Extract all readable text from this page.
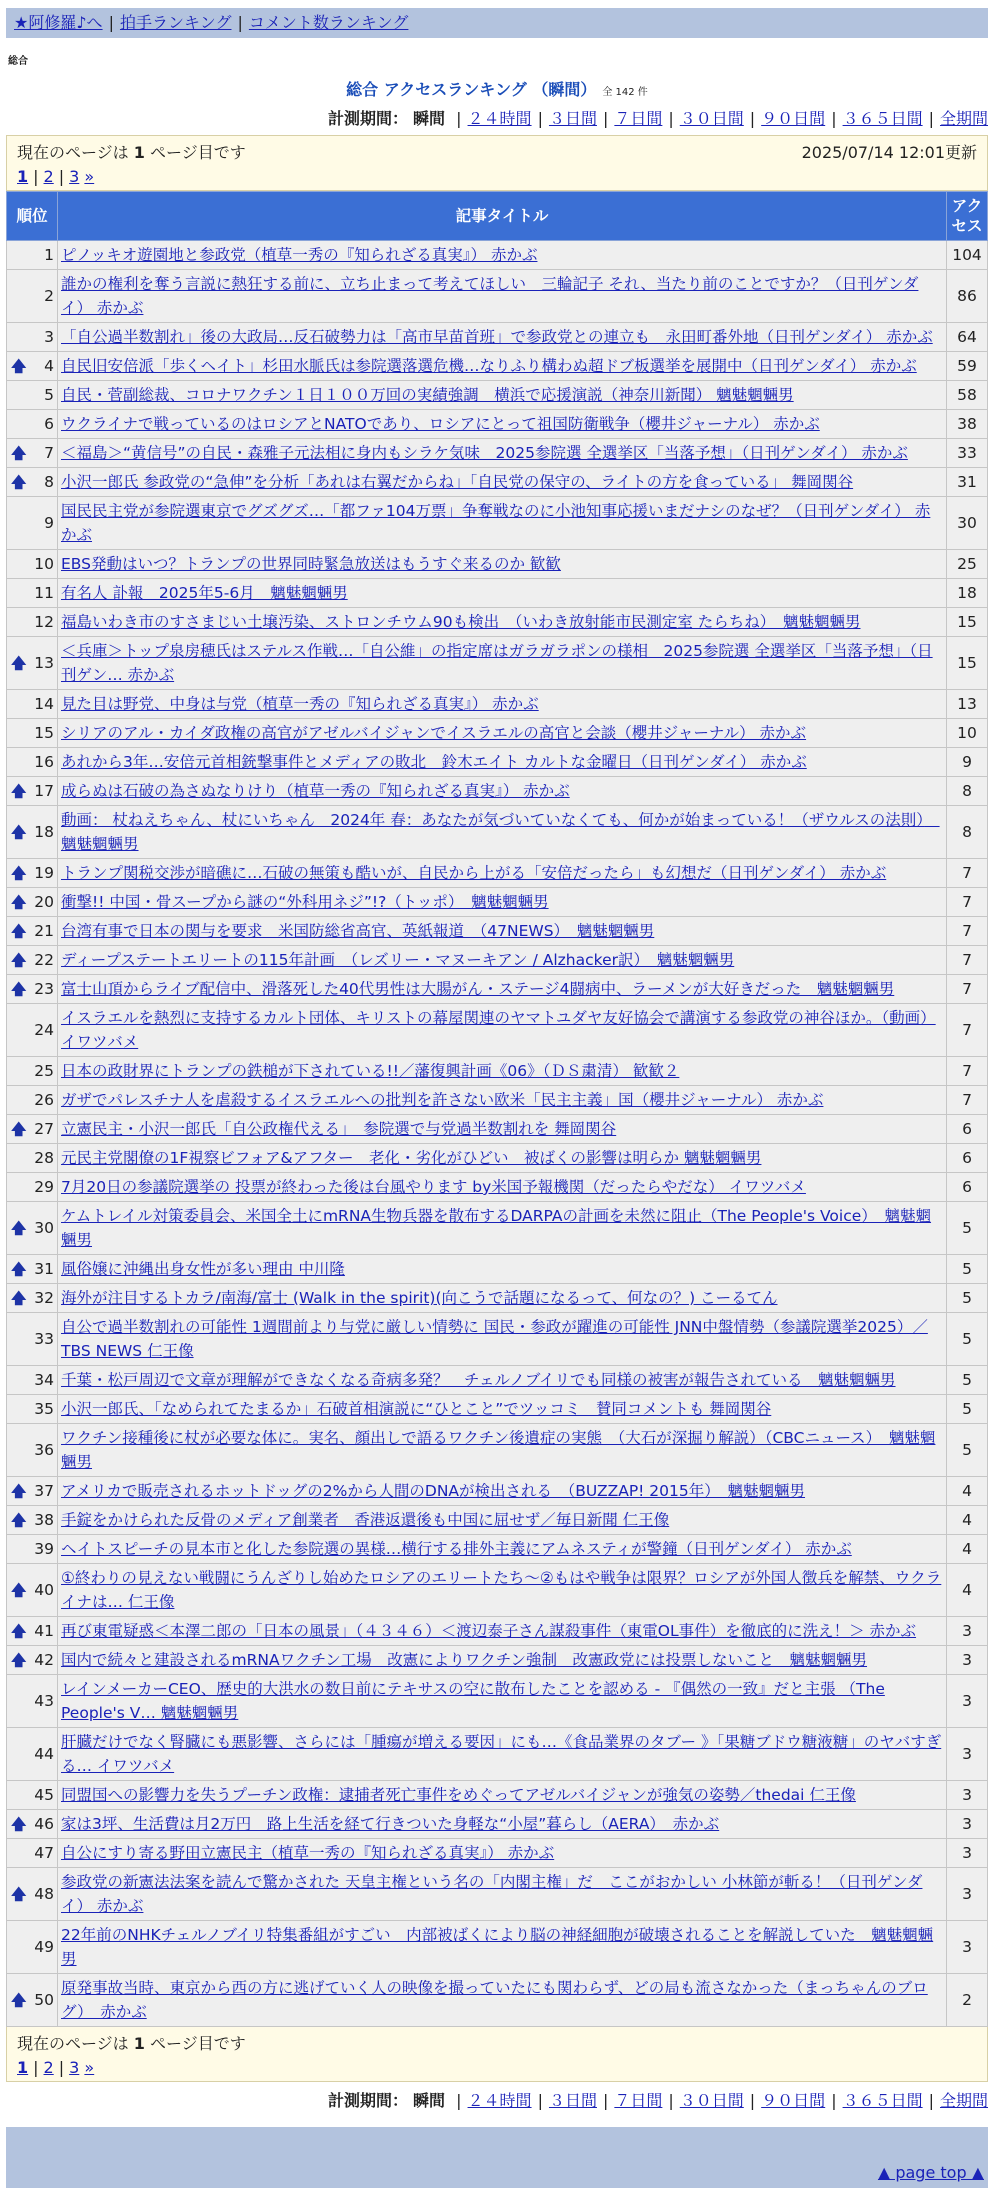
★阿修羅♪へ | 拍手ランキング | コメント数ランキング
総合
総合 アクセスランキング （瞬間） 全 142 件
計測期間： 瞬間 | ２４時間 | ３日間 | ７日間 | ３０日間 | ９０日間 | ３６５日間 | 全期間
現在のページは 1 ページ目です	2025/07/14 12:01更新
1 | 2 | 3 »
順位	記事タイトル	アクセス
1	ピノッキオ遊園地と参政党（植草一秀の『知られざる真実』） 赤かぶ	104
2	誰かの権利を奪う言説に熱狂する前に、立ち止まって考えてほしい　三輪記子 それ、当たり前のことですか？（日刊ゲンダイ） 赤かぶ	86
3	「自公過半数割れ」後の大政局…反石破勢力は「高市早苗首班」で参政党との連立も　永田町番外地（日刊ゲンダイ） 赤かぶ	64

🡅 4	自民旧安倍派「歩くヘイト」杉田水脈氏は参院選落選危機…なりふり構わぬ超ドブ板選挙を展開中（日刊ゲンダイ） 赤かぶ	59
5	自民・菅副総裁、コロナワクチン１日１００万回の実績強調　横浜で応援演説（神奈川新聞） 魑魅魍魎男	58
6	ウクライナで戦っているのはロシアとNATOであり、ロシアにとって祖国防衛戦争（櫻井ジャーナル） 赤かぶ	38

🡅 7	＜福島＞“黄信号”の自民・森雅子元法相に身内もシラケ気味　2025参院選 全選挙区「当落予想」（日刊ゲンダイ） 赤かぶ	33

🡅 8	小沢一郎氏 参政党の“急伸”を分析「あれは右翼だからね」「自民党の保守の、ライトの方を食っている」 舞岡関谷	31
9	国民民主党が参院選東京でグズグズ…「都ファ104万票」争奪戦なのに小池知事応援いまだナシのなぜ？（日刊ゲンダイ） 赤かぶ	30
10	EBS発動はいつ？トランプの世界同時緊急放送はもうすぐ来るのか 歓歓	25
11	有名人 訃報　2025年5-6月　魑魅魍魎男	18
12	福島いわき市のすさまじい土壌汚染、ストロンチウム90も検出　（いわき放射能市民測定室 たらちね）　魑魅魍魎男	15

🡅 13	＜兵庫＞トップ泉房穂氏はステルス作戦…「自公維」の指定席はガラガラポンの様相　2025参院選 全選挙区「当落予想」（日刊ゲン… 赤かぶ	15
14	見た目は野党、中身は与党（植草一秀の『知られざる真実』） 赤かぶ	13
15	シリアのアル・カイダ政権の高官がアゼルバイジャンでイスラエルの高官と会談（櫻井ジャーナル） 赤かぶ	10
16	あれから3年…安倍元首相銃撃事件とメディアの敗北　鈴木エイト カルトな金曜日（日刊ゲンダイ） 赤かぶ	9

🡅 17	成らぬは石破の為さぬなりけり（植草一秀の『知られざる真実』） 赤かぶ	8

🡅 18	動画： 杖ねえちゃん、杖にいちゃん　2024年 春：あなたが気づいていなくても、何かが始まっている！（ザウルスの法則）　魑魅魍魎男	8

🡅 19	トランプ関税交渉が暗礁に…石破の無策も酷いが、自民から上がる「安倍だったら」も幻想だ（日刊ゲンダイ） 赤かぶ	7

🡅 20	衝撃!! 中国・骨スープから謎の“外科用ネジ”!?（トッポ）　魑魅魍魎男	7

🡅 21	台湾有事で日本の関与を要求　米国防総省高官、英紙報道　（47NEWS）　魑魅魍魎男	7

🡅 22	ディープステートエリートの115年計画　（レズリー・マヌーキアン / Alzhacker訳）　魑魅魍魎男	7

🡅 23	富士山頂からライブ配信中、滑落死した40代男性は大腸がん・ステージ4闘病中、ラーメンが大好きだった　魑魅魍魎男	7
24	イスラエルを熱烈に支持するカルト団体、キリストの幕屋関連のヤマトユダヤ友好協会で講演する参政党の神谷ほか。（動画） イワツバメ	7
25	日本の政財界にトランプの鉄槌が下されている!!／藩復興計画《06》（ＤＳ粛清） 歓歓２	7
26	ガザでパレスチナ人を虐殺するイスラエルへの批判を許さない欧米「民主主義」国（櫻井ジャーナル） 赤かぶ	7

🡅 27	立憲民主・小沢一郎氏「自公政権代える」　参院選で与党過半数割れを 舞岡関谷	6
28	元民主党閣僚の1F視察ビフォア&アフター　老化・劣化がひどい　被ばくの影響は明らか 魑魅魍魎男	6
29	7月20日の参議院選挙の 投票が終わった後は台風やります by米国予報機関（だったらやだな） イワツバメ	6

🡅 30	ケムトレイル対策委員会、米国全土にmRNA生物兵器を散布するDARPAの計画を未然に阻止（The People's Voice）　魑魅魍魎男	5

🡅 31	風俗嬢に沖縄出身女性が多い理由 中川隆	5

🡅 32	海外が注目するトカラ/南海/富士 (Walk in the spirit)(向こうで話題になるって、何なの？) こーるてん	5
33	自公で過半数割れの可能性 1週間前より与党に厳しい情勢に 国民・参政が躍進の可能性 JNN中盤情勢（参議院選挙2025）／TBS NEWS 仁王像	5
34	千葉・松戸周辺で文章が理解ができなくなる奇病多発？　チェルノブイリでも同様の被害が報告されている　魑魅魍魎男	5
35	小沢一郎氏、「なめられてたまるか」石破首相演説に“ひとこと”でツッコミ　賛同コメントも 舞岡関谷	5
36	ワクチン接種後に杖が必要な体に。実名、顔出しで語るワクチン後遺症の実態　（大石が深掘り解説）（CBCニュース）　魑魅魍魎男	5

🡅 37	アメリカで販売されるホットドッグの2%から人間のDNAが検出される　（BUZZAP! 2015年）　魑魅魍魎男	4

🡅 38	手錠をかけられた反骨のメディア創業者　香港返還後も中国に屈せず／毎日新聞 仁王像	4
39	ヘイトスピーチの見本市と化した参院選の異様…横行する排外主義にアムネスティが警鐘（日刊ゲンダイ） 赤かぶ	4

🡅 40	①終わりの見えない戦闘にうんざりし始めたロシアのエリートたち～②もはや戦争は限界？ロシアが外国人徴兵を解禁、ウクライナは… 仁王像	4

🡅 41	再び東電疑惑＜本澤二郎の「日本の風景」（４３４６）＜渡辺泰子さん謀殺事件（東電OL事件）を徹底的に洗え！＞ 赤かぶ	3

🡅 42	国内で続々と建設されるmRNAワクチン工場　改憲によりワクチン強制　改憲政党には投票しないこと　魑魅魍魎男	3
43	レインメーカーCEO、歴史的大洪水の数日前にテキサスの空に散布したことを認める - 『偶然の一致』だと主張 （The People's V… 魑魅魍魎男	3
44	肝臓だけでなく腎臓にも悪影響、さらには「腫瘍が増える要因」にも…《食品業界のタブー 》「果糖ブドウ糖液糖」のヤバすぎる… イワツバメ	3
45	同盟国への影響力を失うプーチン政権：逮捕者死亡事件をめぐってアゼルバイジャンが強気の姿勢／thedai 仁王像	3

🡅 46	家は3坪、生活費は月2万円　路上生活を経て行きついた身軽な“小屋”暮らし（AERA）　赤かぶ	3
47	自公にすり寄る野田立憲民主（植草一秀の『知られざる真実』） 赤かぶ	3

🡅 48	参政党の新憲法法案を読んで驚かされた 天皇主権という名の「内閣主権」だ　ここがおかしい 小林節が斬る！（日刊ゲンダイ） 赤かぶ	3
49	22年前のNHKチェルノブイリ特集番組がすごい　内部被ばくにより脳の神経細胞が破壊されることを解説していた　魑魅魍魎男	3

🡅 50	原発事故当時、東京から西の方に逃げていく人の映像を撮っていたにも関わらず、どの局も流さなかった（まっちゃんのブログ）　赤かぶ	2
現在のページは 1 ページ目です
1 | 2 | 3 »
計測期間： 瞬間 | ２４時間 | ３日間 | ７日間 | ３０日間 | ９０日間 | ３６５日間 | 全期間
▲ page top ▲
